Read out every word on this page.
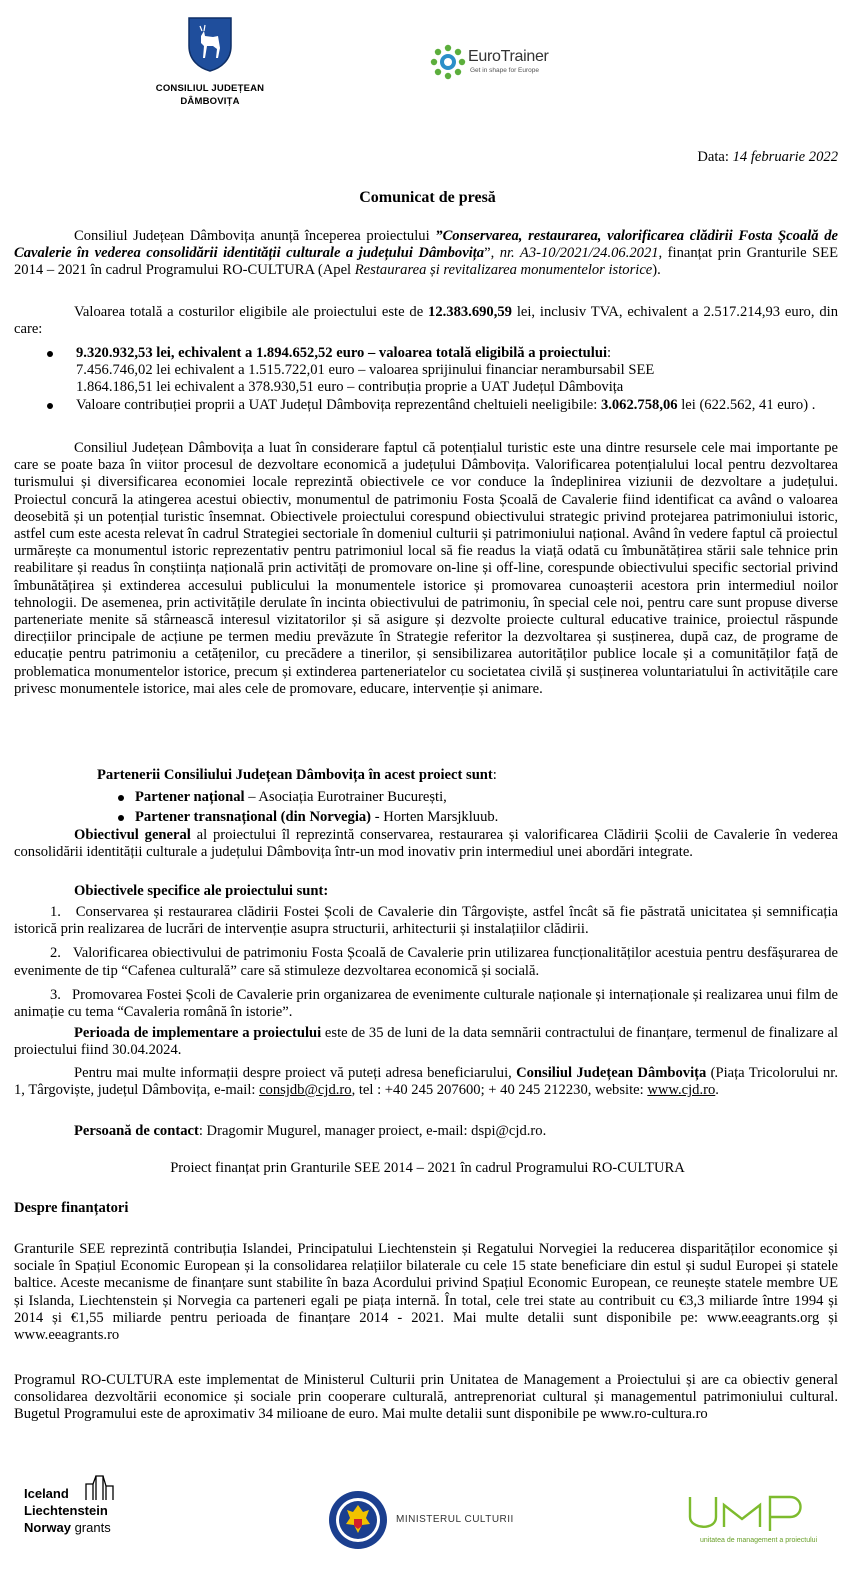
CONSILIUL JUDEȚEAN
DÂMBOVIȚA
EuroTrainer
Get in shape for Europe
Data: 14 februarie 2022
Comunicat de presă

Consiliul Județean Dâmbovița anunță începerea proiectului ”Conservarea, restaurarea, valorificarea clădirii Fosta Școală de Cavalerie în vederea consolidării identității culturale a județului Dâmbovița”, nr. A3-10/2021/24.06.2021, finanțat prin Granturile SEE 2014 – 2021 în cadrul Programului RO-CULTURA (Apel Restaurarea și revitalizarea monumentelor istorice).

Valoarea totală a costurilor eligibile ale proiectului este de 12.383.690,59 lei, inclusiv TVA, echivalent a 2.517.214,93 euro, din care:

9.320.932,53 lei, echivalent a 1.894.652,52 euro – valoarea totală eligibilă a proiectului:
7.456.746,02 lei echivalent a 1.515.722,01 euro – valoarea sprijinului financiar nerambursabil SEE
1.864.186,51 lei echivalent a 378.930,51 euro – contribuția proprie a UAT Județul Dâmbovița
Valoare contribuției proprii a UAT Județul Dâmbovița reprezentând cheltuieli neeligibile: 3.062.758,06 lei (622.562, 41 euro) .

Consiliul Județean Dâmbovița a luat în considerare faptul că potențialul turistic este una dintre resursele cele mai importante pe care se poate baza în viitor procesul de dezvoltare economică a județului Dâmbovița. Valorificarea potențialului local pentru dezvoltarea turismului și diversificarea economiei locale reprezintă obiectivele ce vor conduce la îndeplinirea viziunii de dezvoltare a județului. Proiectul concură la atingerea acestui obiectiv, monumentul de patrimoniu Fosta Școală de Cavalerie fiind identificat ca având o valoarea deosebită și un potențial turistic însemnat. Obiectivele proiectului corespund obiectivului strategic privind protejarea patrimoniului istoric, astfel cum este acesta relevat în cadrul Strategiei sectoriale în domeniul culturii și patrimoniului național. Având în vedere faptul că proiectul urmărește ca monumentul istoric reprezentativ pentru patrimoniul local să fie readus la viață odată cu îmbunătățirea stării sale tehnice prin reabilitare și readus în conștiința națională prin activități de promovare on-line și off-line, corespunde obiectivului specific sectorial privind îmbunătățirea și extinderea accesului publicului la monumentele istorice și promovarea cunoașterii acestora prin intermediul noilor tehnologii. De asemenea, prin activitățile derulate în incinta obiectivului de patrimoniu, în special cele noi, pentru care sunt propuse diverse parteneriate menite să stârnească interesul vizitatorilor și să asigure și dezvolte proiecte cultural educative trainice, proiectul răspunde direcțiilor principale de acțiune pe termen mediu prevăzute în Strategie referitor la dezvoltarea și susținerea, după caz, de programe de educație pentru patrimoniu a cetățenilor, cu precădere a tinerilor, și sensibilizarea autorităților publice locale și a comunităților față de problematica monumentelor istorice, precum și extinderea parteneriatelor cu societatea civilă și susținerea voluntariatului în activitățile care privesc monumentele istorice, mai ales cele de promovare, educare, intervenție și animare.

Partenerii Consiliului Județean Dâmbovița în acest proiect sunt:
Partener național – Asociația Eurotrainer București,
Partener transnațional (din Norvegia) - Horten Marsjkluub.

Obiectivul general al proiectului îl reprezintă conservarea, restaurarea și valorificarea Clădirii Școlii de Cavalerie în vederea consolidării identității culturale a județului Dâmbovița într-un mod inovativ prin intermediul unei abordări integrate.

Obiectivele specifice ale proiectului sunt:

1. Conservarea și restaurarea clădirii Fostei Școli de Cavalerie din Târgoviște, astfel încât să fie păstrată unicitatea și semnificația istorică prin realizarea de lucrări de intervenție asupra structurii, arhitecturii și instalațiilor clădirii.

2. Valorificarea obiectivului de patrimoniu Fosta Școală de Cavalerie prin utilizarea funcționalităților acestuia pentru desfășurarea de evenimente de tip “Cafenea culturală” care să stimuleze dezvoltarea economică și socială.

3. Promovarea Fostei Școli de Cavalerie prin organizarea de evenimente culturale naționale și internaționale și realizarea unui film de animație cu tema “Cavaleria română în istorie”.

Perioada de implementare a proiectului este de 35 de luni de la data semnării contractului de finanțare, termenul de finalizare al proiectului fiind 30.04.2024.

Pentru mai multe informații despre proiect vă puteți adresa beneficiarului, Consiliul Județean Dâmbovița (Piața Tricolorului nr. 1, Târgoviște, județul Dâmbovița, e-mail: consjdb@cjd.ro, tel : +40 245 207600; + 40 245 212230, website: www.cjd.ro.

Persoană de contact: Dragomir Mugurel, manager proiect, e-mail: dspi@cjd.ro.

Proiect finanțat prin Granturile SEE 2014 – 2021 în cadrul Programului RO-CULTURA
Despre finanțatori

Granturile SEE reprezintă contribuția Islandei, Principatului Liechtenstein și Regatului Norvegiei la reducerea disparităților economice și sociale în Spațiul Economic European și la consolidarea relațiilor bilaterale cu cele 15 state beneficiare din estul și sudul Europei și statele baltice. Aceste mecanisme de finanțare sunt stabilite în baza Acordului privind Spațiul Economic European, ce reunește statele membre UE și Islanda, Liechtenstein și Norvegia ca parteneri egali pe piața internă. În total, cele trei state au contribuit cu €3,3 miliarde între 1994 și 2014 și €1,55 miliarde pentru perioada de finanțare 2014 - 2021. Mai multe detalii sunt disponibile pe: www.eeagrants.org și www.eeagrants.ro

Programul RO-CULTURA este implementat de Ministerul Culturii prin Unitatea de Management a Proiectului și are ca obiectiv general consolidarea dezvoltării economice și sociale prin cooperare culturală, antreprenoriat cultural și managementul patrimoniului cultural. Bugetul Programului este de aproximativ 34 milioane de euro. Mai multe detalii sunt disponibile pe www.ro-cultura.ro

Iceland
Liechtenstein
Norway grants
MINISTERUL CULTURII
unitatea de management a proiectului
